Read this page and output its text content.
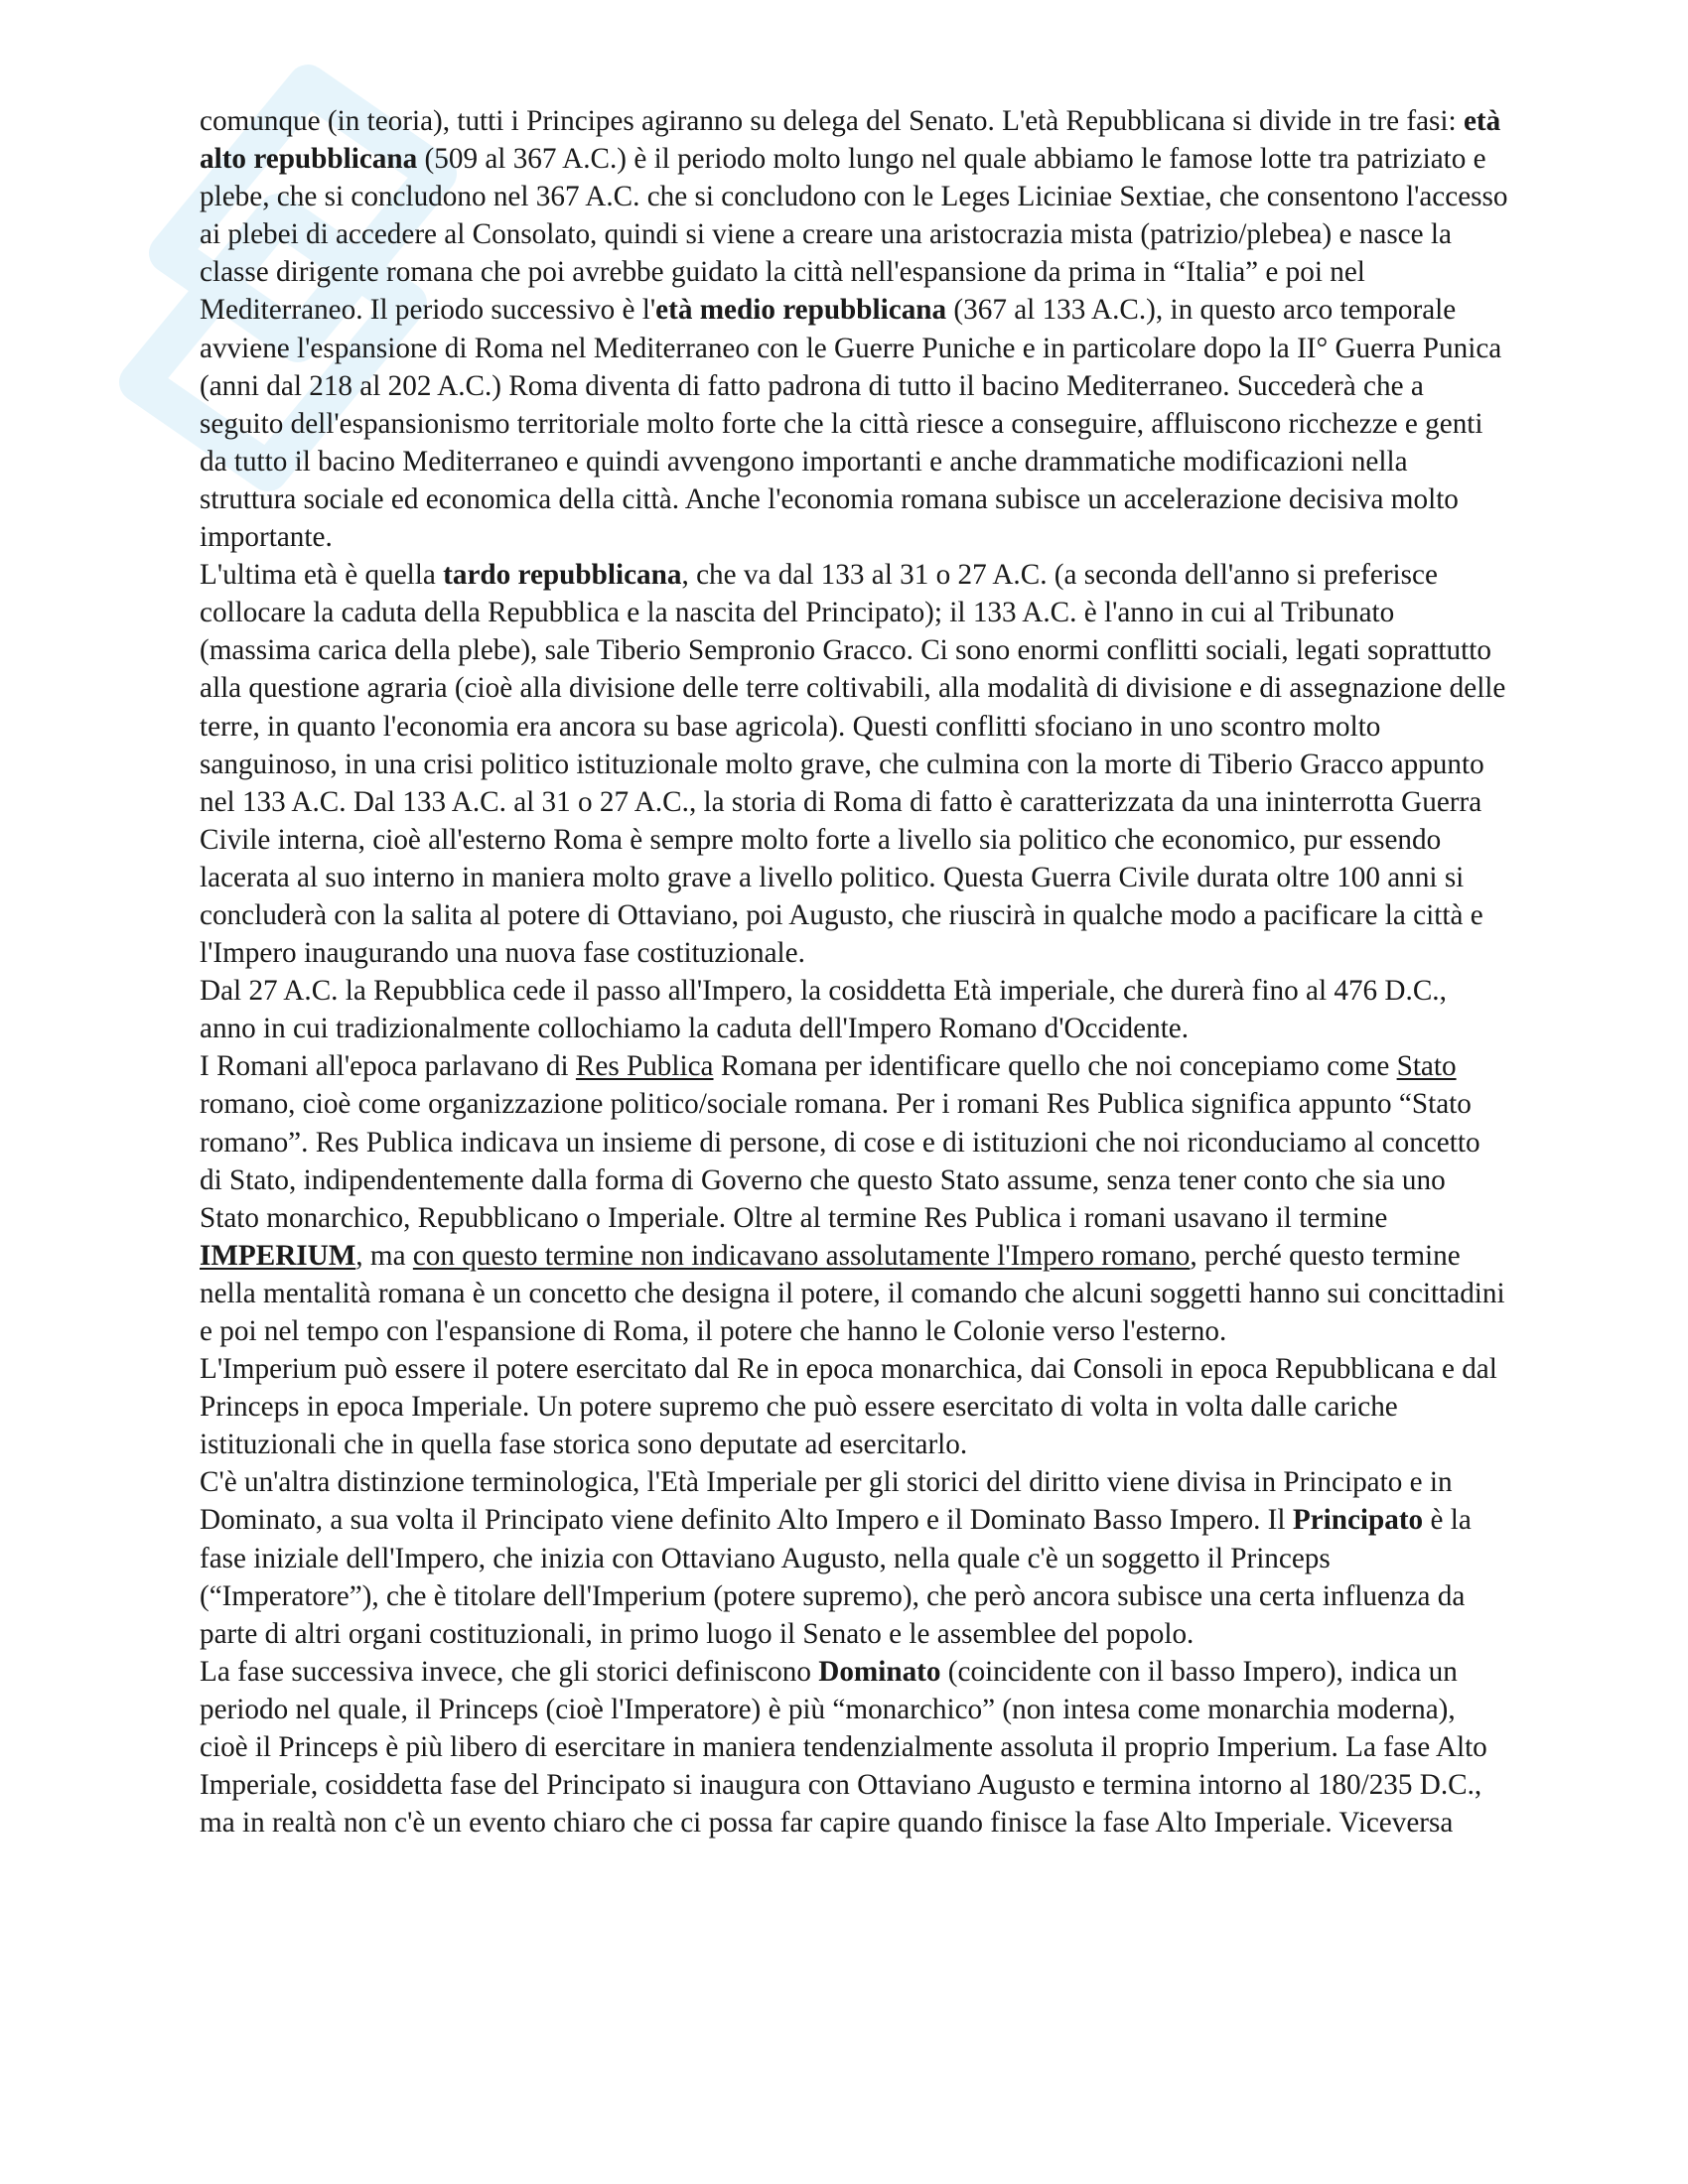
comunque (in teoria), tutti i Principes agiranno su delega del Senato. L'età Repubblicana si divide in tre fasi: età alto repubblicana (509 al 367 A.C.) è il periodo molto lungo nel quale abbiamo le famose lotte tra patriziato e plebe, che si concludono nel 367 A.C. che si concludono con le Leges Liciniae Sextiae, che consentono l'accesso ai plebei di accedere al Consolato, quindi si viene a creare una aristocrazia mista (patrizio/plebea) e nasce la classe dirigente romana che poi avrebbe guidato la città nell'espansione da prima in “Italia” e poi nel Mediterraneo. Il periodo successivo è l'età medio repubblicana (367 al 133 A.C.), in questo arco temporale avviene l'espansione di Roma nel Mediterraneo con le Guerre Puniche e in particolare dopo la II° Guerra Punica (anni dal 218 al 202 A.C.) Roma diventa di fatto padrona di tutto il bacino Mediterraneo. Succederà che a seguito dell'espansionismo territoriale molto forte che la città riesce a conseguire, affluiscono ricchezze e genti da tutto il bacino Mediterraneo e quindi avvengono importanti e anche drammatiche modificazioni nella struttura sociale ed economica della città. Anche l'economia romana subisce un accelerazione decisiva molto importante.

L'ultima età è quella tardo repubblicana, che va dal 133 al 31 o 27 A.C. (a seconda dell'anno si preferisce collocare la caduta della Repubblica e la nascita del Principato); il 133 A.C. è l'anno in cui al Tribunato (massima carica della plebe), sale Tiberio Sempronio Gracco. Ci sono enormi conflitti sociali, legati soprattutto alla questione agraria (cioè alla divisione delle terre coltivabili, alla modalità di divisione e di assegnazione delle terre, in quanto l'economia era ancora su base agricola). Questi conflitti sfociano in uno scontro molto sanguinoso, in una crisi politico istituzionale molto grave, che culmina con la morte di Tiberio Gracco appunto nel 133 A.C. Dal 133 A.C. al 31 o 27 A.C., la storia di Roma di fatto è caratterizzata da una ininterrotta Guerra Civile interna, cioè all'esterno Roma è sempre molto forte a livello sia politico che economico, pur essendo lacerata al suo interno in maniera molto grave a livello politico. Questa Guerra Civile durata oltre 100 anni si concluderà con la salita al potere di Ottaviano, poi Augusto, che riuscirà in qualche modo a pacificare la città e l'Impero inaugurando una nuova fase costituzionale.

Dal 27 A.C. la Repubblica cede il passo all'Impero, la cosiddetta Età imperiale, che durerà fino al 476 D.C., anno in cui tradizionalmente collochiamo la caduta dell'Impero Romano d'Occidente.

I Romani all'epoca parlavano di Res Publica Romana per identificare quello che noi concepiamo come Stato romano, cioè come organizzazione politico/sociale romana. Per i romani Res Publica significa appunto “Stato romano”. Res Publica indicava un insieme di persone, di cose e di istituzioni che noi riconduciamo al concetto di Stato, indipendentemente dalla forma di Governo che questo Stato assume, senza tener conto che sia uno Stato monarchico, Repubblicano o Imperiale. Oltre al termine Res Publica i romani usavano il termine IMPERIUM, ma con questo termine non indicavano assolutamente l'Impero romano, perché questo termine nella mentalità romana è un concetto che designa il potere, il comando che alcuni soggetti hanno sui concittadini e poi nel tempo con l'espansione di Roma, il potere che hanno le Colonie verso l'esterno.

L'Imperium può essere il potere esercitato dal Re in epoca monarchica, dai Consoli in epoca Repubblicana e dal Princeps in epoca Imperiale. Un potere supremo che può essere esercitato di volta in volta dalle cariche istituzionali che in quella fase storica sono deputate ad esercitarlo.

C'è un'altra distinzione terminologica, l'Età Imperiale per gli storici del diritto viene divisa in Principato e in Dominato, a sua volta il Principato viene definito Alto Impero e il Dominato Basso Impero. Il Principato è la fase iniziale dell'Impero, che inizia con Ottaviano Augusto, nella quale c'è un soggetto il Princeps (“Imperatore”), che è titolare dell'Imperium (potere supremo), che però ancora subisce una certa influenza da parte di altri organi costituzionali, in primo luogo il Senato e le assemblee del popolo.

La fase successiva invece, che gli storici definiscono Dominato (coincidente con il basso Impero), indica un periodo nel quale, il Princeps (cioè l'Imperatore) è più “monarchico” (non intesa come monarchia moderna), cioè il Princeps è più libero di esercitare in maniera tendenzialmente assoluta il proprio Imperium. La fase Alto Imperiale, cosiddetta fase del Principato si inaugura con Ottaviano Augusto e termina intorno al 180/235 D.C., ma in realtà non c'è un evento chiaro che ci possa far capire quando finisce la fase Alto Imperiale. Viceversa
